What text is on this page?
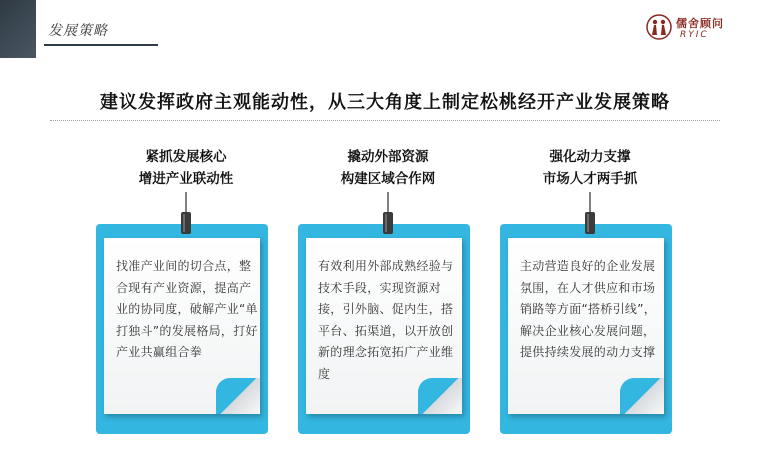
发展策略	儒舍顾问
RYIC
建议发挥政府主观能动性，从三大角度上制定松桃经开产业发展策略
紧抓发展核心
增进产业联动性
找准产业间的切合点，整合现有产业资源，提高产业的协同度，破解产业“单打独斗”的发展格局，打好产业共赢组合拳
撬动外部资源
构建区域合作网
有效利用外部成熟经验与技术手段，实现资源对接，引外脑、促内生，搭平台、拓渠道，以开放创新的理念拓宽拓广产业维度
强化动力支撑
市场人才两手抓
主动营造良好的企业发展氛围，在人才供应和市场销路等方面“搭桥引线”，解决企业核心发展问题，提供持续发展的动力支撑
